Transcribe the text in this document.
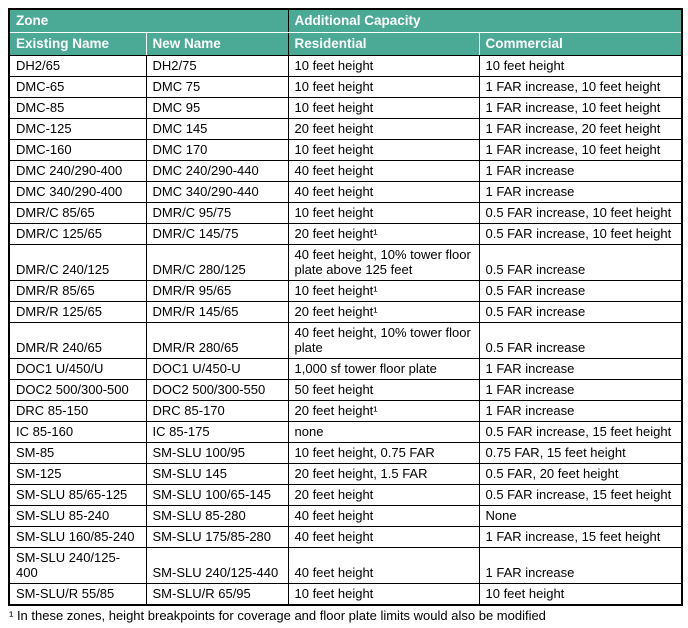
Zone		Additional Capacity	
Existing Name	New Name	Residential	Commercial
DH2/65	DH2/75	10 feet height	10 feet height
DMC-65	DMC 75	10 feet height	1 FAR increase, 10 feet height
DMC-85	DMC 95	10 feet height	1 FAR increase, 10 feet height
DMC-125	DMC 145	20 feet height	1 FAR increase, 20 feet height
DMC-160	DMC 170	10 feet height	1 FAR increase, 10 feet height
DMC 240/290-400	DMC 240/290-440	40 feet height	1 FAR increase
DMC 340/290-400	DMC 340/290-440	40 feet height	1 FAR increase
DMR/C 85/65	DMR/C 95/75	10 feet height	0.5 FAR increase, 10 feet height
DMR/C 125/65	DMR/C 145/75	20 feet height¹	0.5 FAR increase, 10 feet height
DMR/C 240/125	DMR/C 280/125	40 feet height, 10% tower floor plate above 125 feet	0.5 FAR increase
DMR/R 85/65	DMR/R 95/65	10 feet height¹	0.5 FAR increase
DMR/R 125/65	DMR/R 145/65	20 feet height¹	0.5 FAR increase
DMR/R 240/65	DMR/R 280/65	40 feet height, 10% tower floor plate	0.5 FAR increase
DOC1 U/450/U	DOC1 U/450-U	1,000 sf tower floor plate	1 FAR increase
DOC2 500/300-500	DOC2 500/300-550	50 feet height	1 FAR increase
DRC 85-150	DRC 85-170	20 feet height¹	1 FAR increase
IC 85-160	IC 85-175	none	0.5 FAR increase, 15 feet height
SM-85	SM-SLU 100/95	10 feet height, 0.75 FAR	0.75 FAR, 15 feet height
SM-125	SM-SLU 145	20 feet height, 1.5 FAR	0.5 FAR, 20 feet height
SM-SLU 85/65-125	SM-SLU 100/65-145	20 feet height	0.5 FAR increase, 15 feet height
SM-SLU 85-240	SM-SLU 85-280	40 feet height	None
SM-SLU 160/85-240	SM-SLU 175/85-280	40 feet height	1 FAR increase, 15 feet height
SM-SLU 240/125-400	SM-SLU 240/125-440	40 feet height	1 FAR increase
SM-SLU/R 55/85	SM-SLU/R 65/95	10 feet height	10 feet height
¹ In these zones, height breakpoints for coverage and floor plate limits would also be modified
